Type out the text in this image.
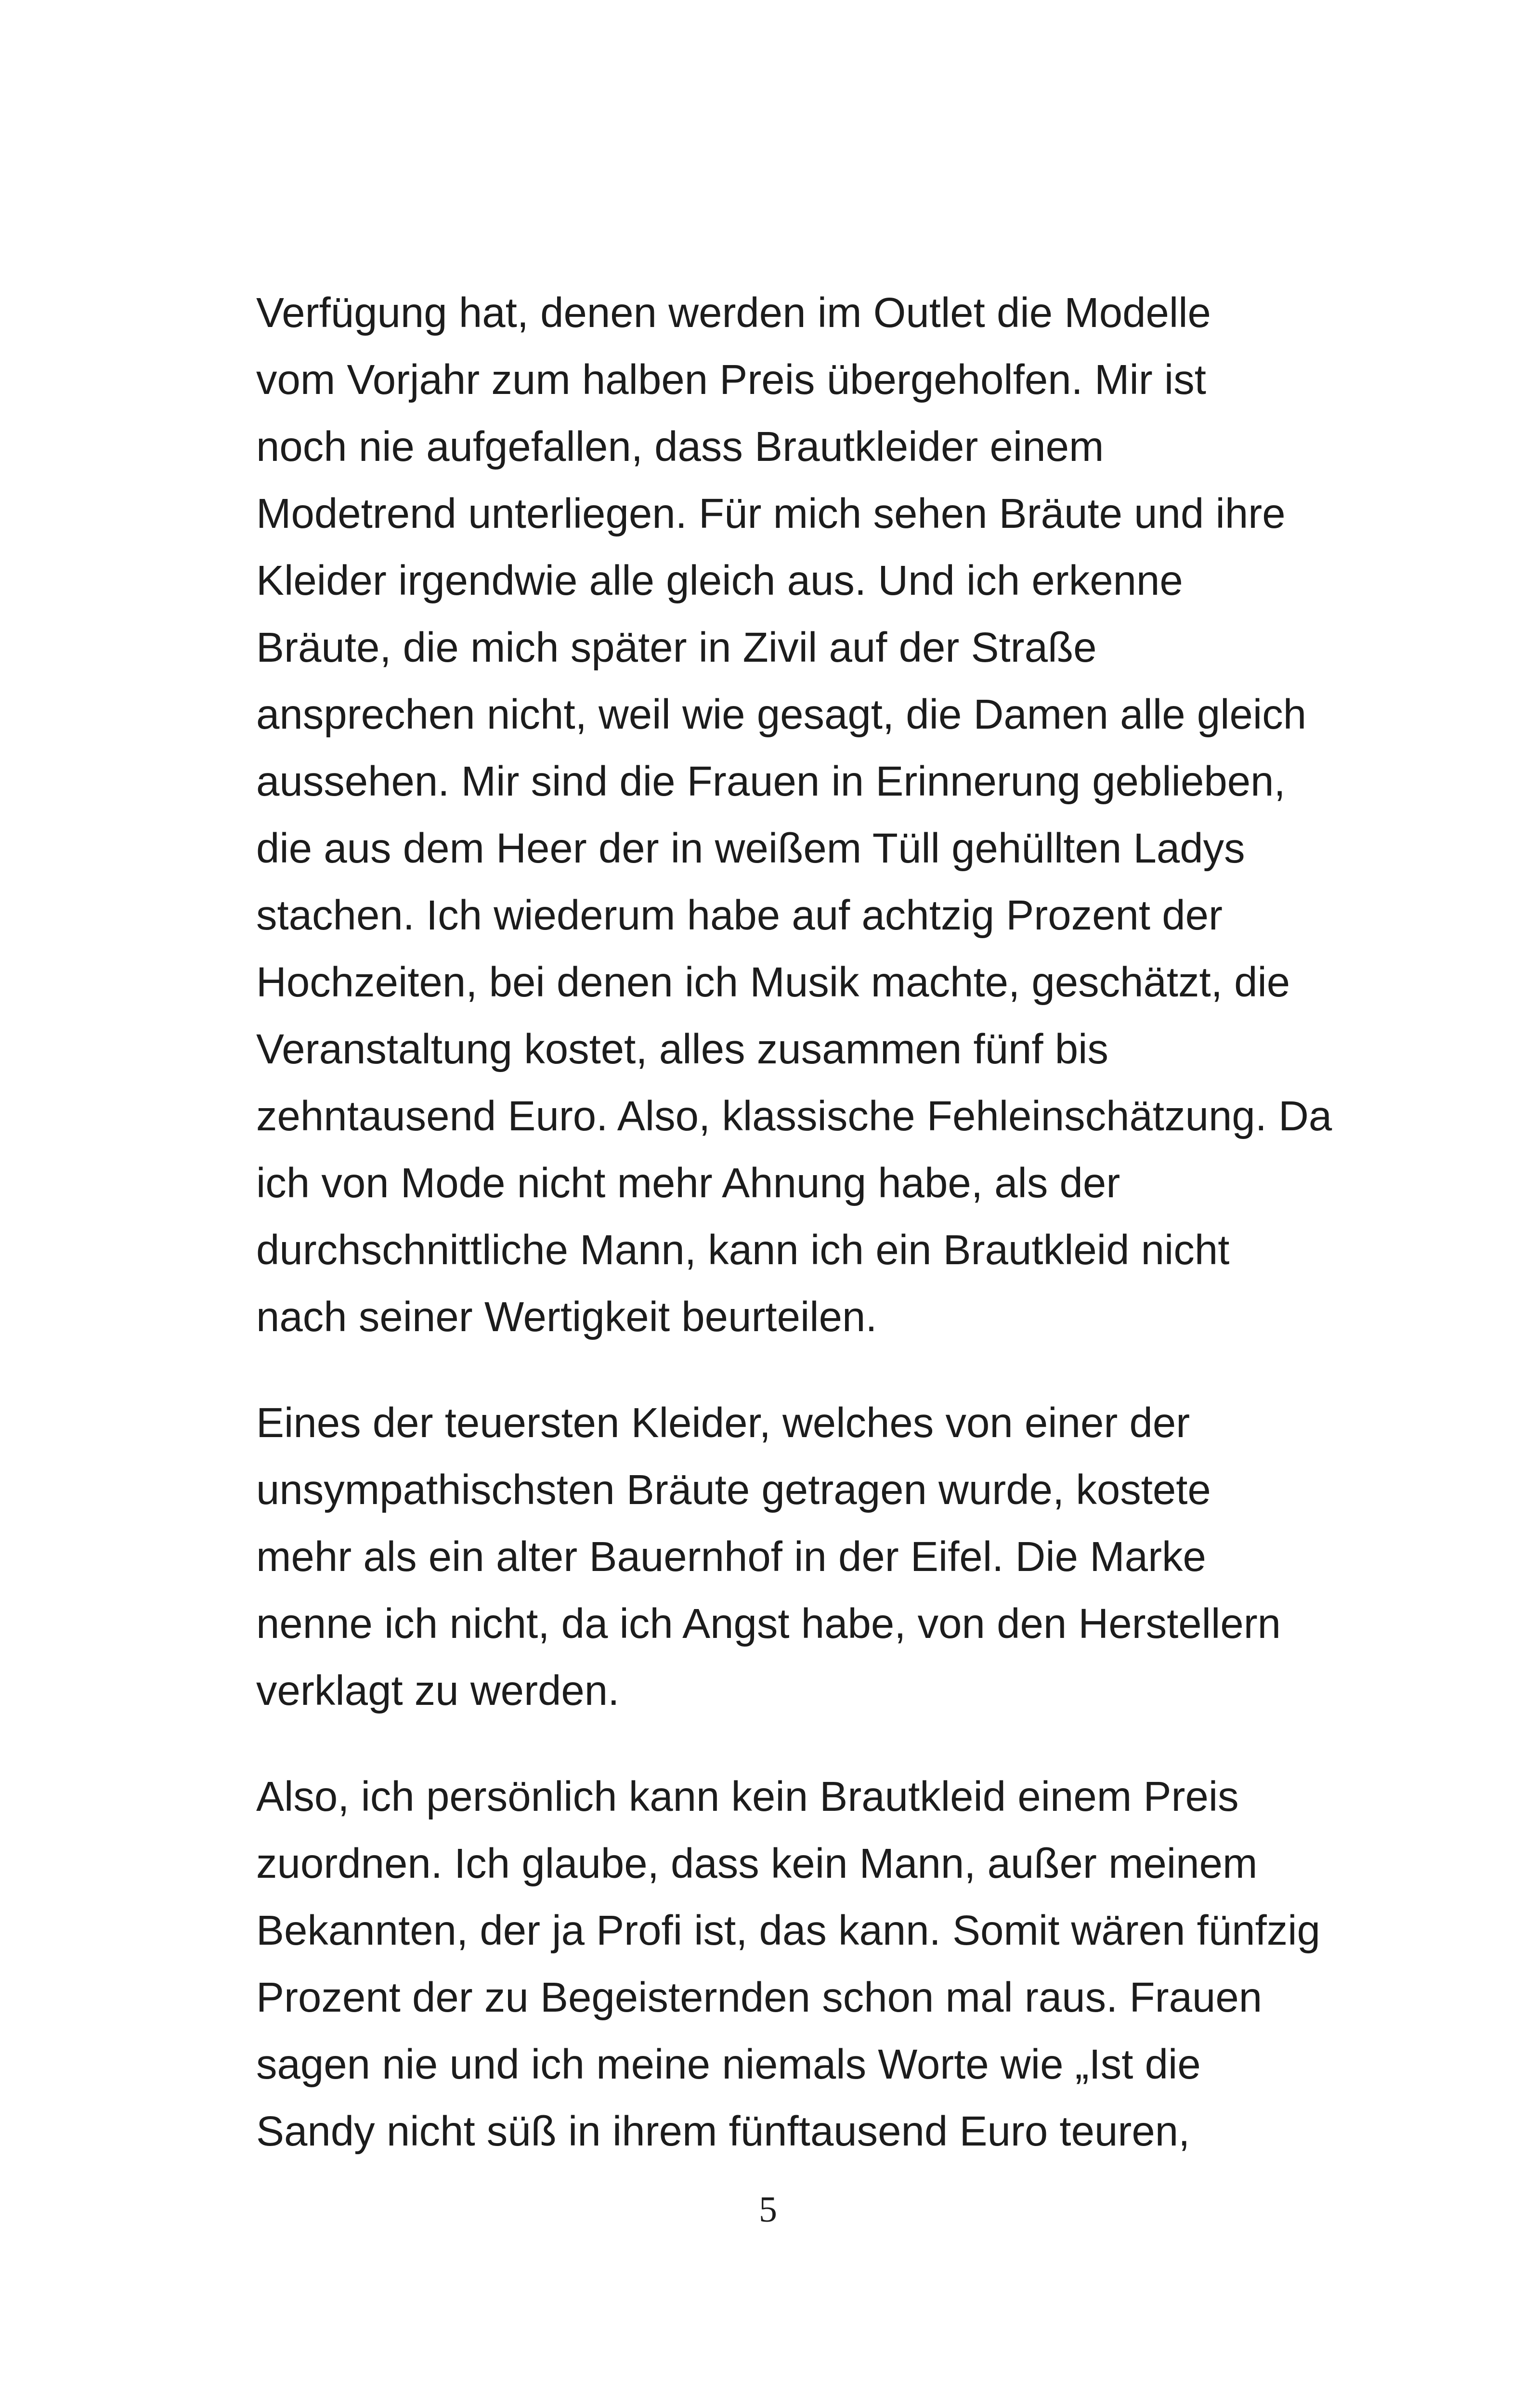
Verfügung hat, denen werden im Outlet die Modelle
vom Vorjahr zum halben Preis übergeholfen. Mir ist
noch nie aufgefallen, dass Brautkleider einem
Modetrend unterliegen. Für mich sehen Bräute und ihre
Kleider irgendwie alle gleich aus. Und ich erkenne
Bräute, die mich später in Zivil auf der Straße
ansprechen nicht, weil wie gesagt, die Damen alle gleich
aussehen. Mir sind die Frauen in Erinnerung geblieben,
die aus dem Heer der in weißem Tüll gehüllten Ladys
stachen. Ich wiederum habe auf achtzig Prozent der
Hochzeiten, bei denen ich Musik machte, geschätzt, die
Veranstaltung kostet, alles zusammen fünf bis
zehntausend Euro. Also, klassische Fehleinschätzung. Da
ich von Mode nicht mehr Ahnung habe, als der
durchschnittliche Mann, kann ich ein Brautkleid nicht
nach seiner Wertigkeit beurteilen.

Eines der teuersten Kleider, welches von einer der
unsympathischsten Bräute getragen wurde, kostete
mehr als ein alter Bauernhof in der Eifel. Die Marke
nenne ich nicht, da ich Angst habe, von den Herstellern
verklagt zu werden.

Also, ich persönlich kann kein Brautkleid einem Preis
zuordnen. Ich glaube, dass kein Mann, außer meinem
Bekannten, der ja Profi ist, das kann. Somit wären fünfzig
Prozent der zu Begeisternden schon mal raus. Frauen
sagen nie und ich meine niemals Worte wie „Ist die
Sandy nicht süß in ihrem fünftausend Euro teuren,

5
